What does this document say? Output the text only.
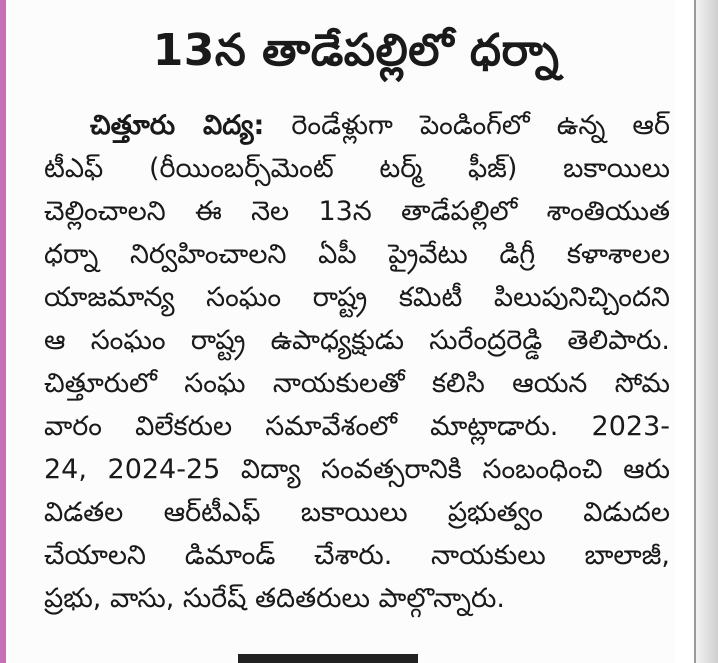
13న తాడేపల్లిలో ధర్నా
చిత్తూరు విద్య: రెండేళ్లుగా పెండింగ్‌లో ఉన్న ఆర్
టీఎఫ్ (రీయింబర్స్‌మెంట్ టర్మ్ ఫీజ్) బకాయిలు
చెల్లించాలని ఈ నెల 13న తాడేపల్లిలో శాంతియుత
ధర్నా నిర్వహించాలని ఏపీ ప్రైవేటు డిగ్రీ కళాశాలల
యాజమాన్య సంఘం రాష్ట్ర కమిటీ పిలుపునిచ్చిందని
ఆ సంఘం రాష్ట్ర ఉపాధ్యక్షుడు సురేంద్రరెడ్డి తెలిపారు.
చిత్తూరులో సంఘ నాయకులతో కలిసి ఆయన సోమ
వారం విలేకరుల సమావేశంలో మాట్లాడారు. 2023-
24, 2024-25 విద్యా సంవత్సరానికి సంబంధించి ఆరు
విడతల ఆర్‌టీఎఫ్ బకాయిలు ప్రభుత్వం విడుదల
చేయాలని డిమాండ్ చేశారు. నాయకులు బాలాజీ,
ప్రభు, వాసు, సురేష్ తదితరులు పాల్గొన్నారు.
